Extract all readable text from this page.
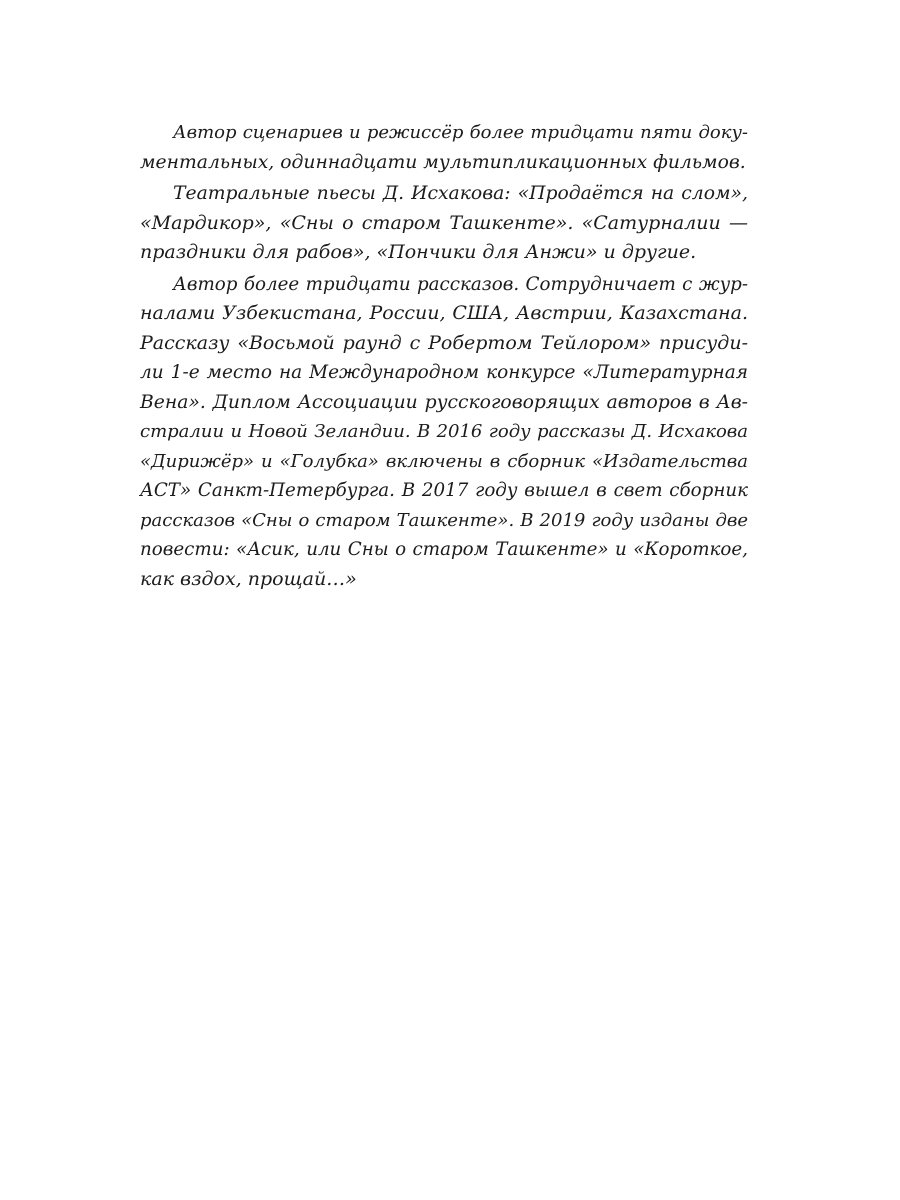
Автор сценариев и режиссёр более тридцати пяти доку-
ментальных, одиннадцати мультипликационных фильмов.
Театральные пьесы Д. Исхакова: «Продаётся на слом»,
«Мардикор», «Сны о старом Ташкенте». «Сатурналии —
праздники для рабов», «Пончики для Анжи» и другие.
Автор более тридцати рассказов. Сотрудничает с жур-
налами Узбекистана, России, США, Австрии, Казахстана.
Рассказу «Восьмой раунд с Робертом Тейлором» присуди-
ли 1-е место на Международном конкурсе «Литературная
Вена». Диплом Ассоциации русскоговорящих авторов в Ав-
стралии и Новой Зеландии. В 2016 году рассказы Д. Исхакова
«Дирижёр» и «Голубка» включены в сборник «Издательства
АСТ» Санкт-Петербурга. В 2017 году вышел в свет сборник
рассказов «Сны о старом Ташкенте». В 2019 году изданы две
повести: «Асик, или Сны о старом Ташкенте» и «Короткое,
как вздох, прощай…»
